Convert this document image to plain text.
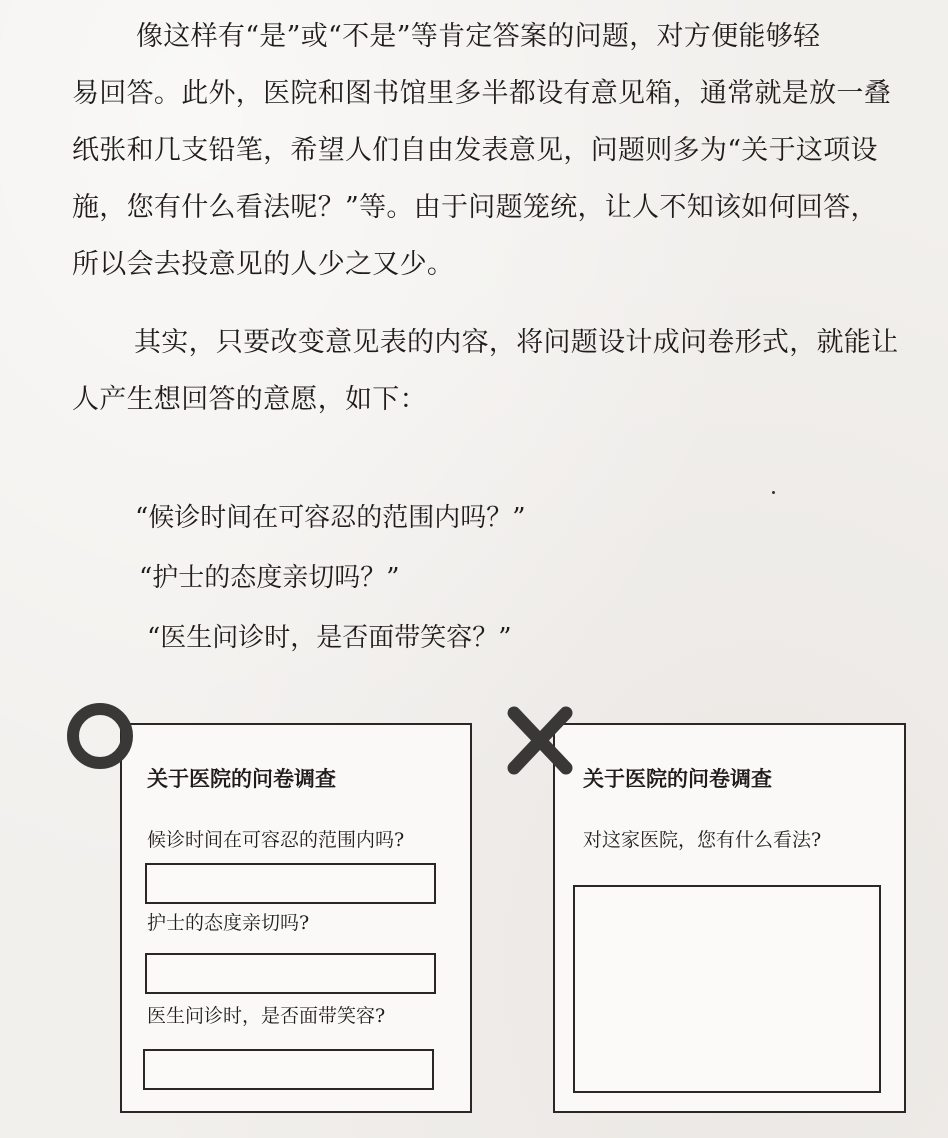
像这样有“是”或“不是”等肯定答案的问题，对方便能够轻
易回答。此外，医院和图书馆里多半都设有意见箱，通常就是放一叠
纸张和几支铅笔，希望人们自由发表意见，问题则多为“关于这项设
施，您有什么看法呢？”等。由于问题笼统，让人不知该如何回答，
所以会去投意见的人少之又少。
其实，只要改变意见表的内容，将问题设计成问卷形式，就能让
人产生想回答的意愿，如下：
“候诊时间在可容忍的范围内吗？”
“护士的态度亲切吗？”
“医生问诊时，是否面带笑容？”
关于医院的问卷调查
候诊时间在可容忍的范围内吗?
护士的态度亲切吗?
医生问诊时，是否面带笑容?
关于医院的问卷调查
对这家医院，您有什么看法?
